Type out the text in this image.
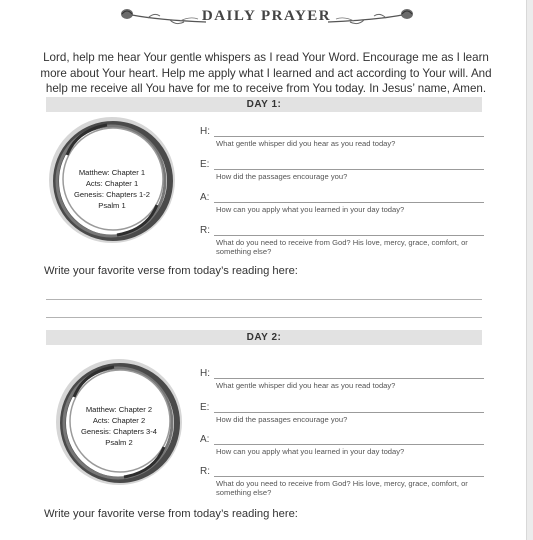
DAILY PRAYER
Lord, help me hear Your gentle whispers as I read Your Word. Encourage me as I learn more about Your heart. Help me apply what I learned and act according to Your will. And help me receive all You have for me to receive from You today. In Jesus’ name, Amen.
DAY 1:
Matthew: Chapter 1
Acts: Chapter 1
Genesis: Chapters 1-2
Psalm 1
H:
What gentle whisper did you hear as you read today?
E:
How did the passages encourage you?
A:
How can you apply what you learned in your day today?
R:
What do you need to receive from God? His love, mercy, grace, comfort, or something else?
Write your favorite verse from today’s reading here:
DAY 2:
Matthew: Chapter 2
Acts: Chapter 2
Genesis: Chapters 3-4
Psalm 2
H:
What gentle whisper did you hear as you read today?
E:
How did the passages encourage you?
A:
How can you apply what you learned in your day today?
R:
What do you need to receive from God? His love, mercy, grace, comfort, or something else?
Write your favorite verse from today’s reading here:
